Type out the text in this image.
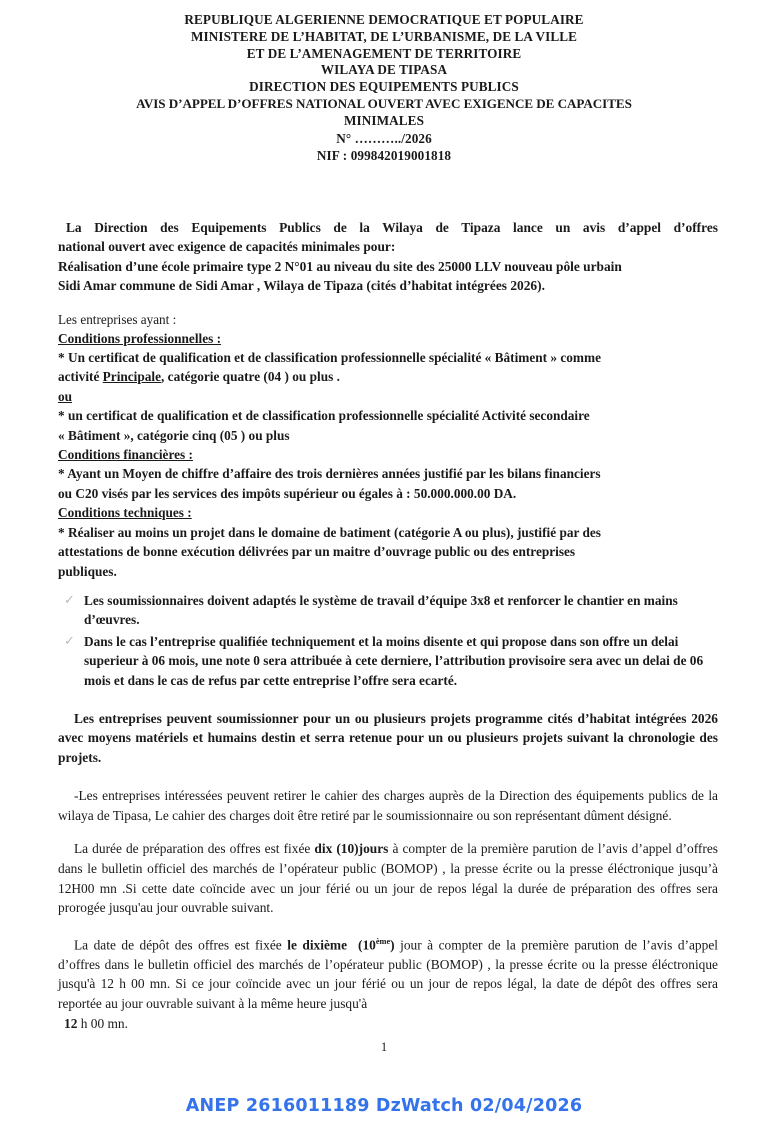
REPUBLIQUE ALGERIENNE DEMOCRATIQUE ET POPULAIRE
MINISTERE DE L’HABITAT, DE L’URBANISME, DE LA VILLE
ET DE L’AMENAGEMENT DE TERRITOIRE
WILAYA DE TIPASA
DIRECTION DES EQUIPEMENTS PUBLICS
AVIS D’APPEL D’OFFRES NATIONAL OUVERT AVEC EXIGENCE DE CAPACITES
MINIMALES
N° ………../2026
NIF : 099842019001818
La Direction des Equipements Publics de la Wilaya de Tipaza lance un avis d’appel d’offres
national ouvert avec exigence de capacités minimales pour:
Réalisation d’une école primaire type 2 N°01 au niveau du site des 25000 LLV nouveau pôle urbain
Sidi Amar commune de Sidi Amar , Wilaya de Tipaza (cités d’habitat intégrées 2026).
Les entreprises ayant :
Conditions professionnelles :
* Un certificat de qualification et de classification professionnelle spécialité « Bâtiment » comme
activité Principale, catégorie quatre (04 ) ou plus .
ou
* un certificat de qualification et de classification professionnelle spécialité Activité secondaire
« Bâtiment », catégorie cinq (05 ) ou plus
Conditions financières :
* Ayant un Moyen de chiffre d’affaire des trois dernières années justifié par les bilans financiers
ou C20 visés par les services des impôts supérieur ou égales à : 50.000.000.00 DA.
Conditions techniques :
* Réaliser au moins un projet dans le domaine de batiment (catégorie A ou plus), justifié par des
attestations de bonne exécution délivrées par un maitre d’ouvrage public ou des entreprises
publiques.
✓ Les soumissionnaires doivent adaptés le système de travail d’équipe 3x8 et renforcer le chantier en mains d’œuvres.
✓ Dans le cas l’entreprise qualifiée techniquement et la moins disente et qui propose dans son offre un delai superieur à 06 mois, une note 0 sera attribuée à cete derniere, l’attribution provisoire sera avec un delai de 06 mois et dans le cas de refus par cette entreprise l’offre sera ecarté.

Les entreprises peuvent soumissionner pour un ou plusieurs projets programme cités d’habitat intégrées 2026 avec moyens matériels et humains destin et serra retenue pour un ou plusieurs projets suivant la chronologie des projets.

-Les entreprises intéressées peuvent retirer le cahier des charges auprès de la Direction des équipements publics de la wilaya de Tipasa, Le cahier des charges doit être retiré par le soumissionnaire ou son représentant dûment désigné.

La durée de préparation des offres est fixée dix (10)jours à compter de la première parution de l’avis d’appel d’offres dans le bulletin officiel des marchés de l’opérateur public (BOMOP) , la presse écrite ou la presse éléctronique jusqu’à 12H00 mn .Si cette date coïncide avec un jour férié ou un jour de repos légal la durée de préparation des offres sera prorogée jusqu'au jour ouvrable suivant.

La date de dépôt des offres est fixée le dixième (10ème) jour à compter de la première parution de l’avis d’appel d’offres dans le bulletin officiel des marchés de l’opérateur public (BOMOP) , la presse écrite ou la presse éléctronique jusqu'à 12 h 00 mn. Si ce jour coïncide avec un jour férié ou un jour de repos légal, la date de dépôt des offres sera reportée au jour ouvrable suivant à la même heure jusqu'à
12 h 00 mn.

1
ANEP 2616011189 DzWatch 02/04/2026
